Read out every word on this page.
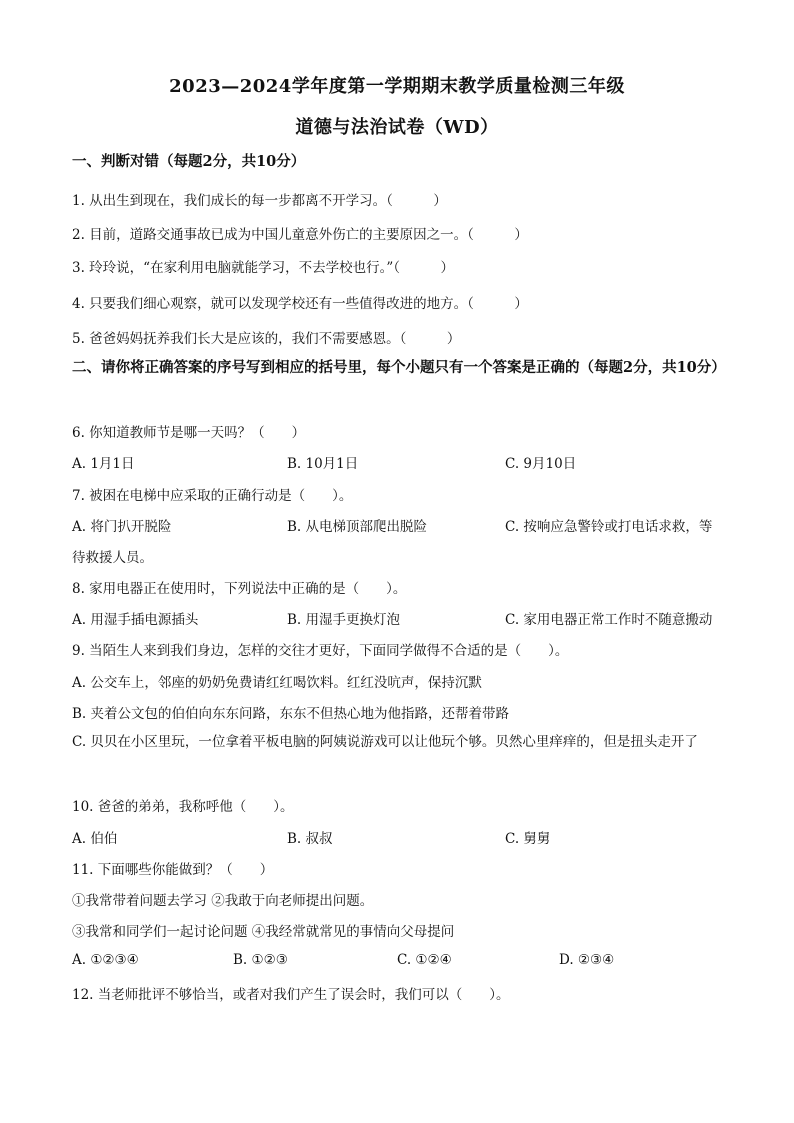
2023—2024学年度第一学期期末教学质量检测三年级
道德与法治试卷（WD）
一、判断对错（每题2分，共10分）
1. 从出生到现在，我们成长的每一步都离不开学习。（　　　）
2. 目前，道路交通事故已成为中国儿童意外伤亡的主要原因之一。（　　　）
3. 玲玲说，“在家利用电脑就能学习，不去学校也行。”（　　　）
4. 只要我们细心观察，就可以发现学校还有一些值得改进的地方。（　　　）
5. 爸爸妈妈抚养我们长大是应该的，我们不需要感恩。（　　　）
二、请你将正确答案的序号写到相应的括号里，每个小题只有一个答案是正确的（每题2分，共10分）
6. 你知道教师节是哪一天吗？（　　）
A. 1月1日	B. 10月1日	C. 9月10日
7. 被困在电梯中应采取的正确行动是（　　）。
A. 将门扒开脱险	B. 从电梯顶部爬出脱险	C. 按响应急警铃或打电话求救，等
待救援人员。
8. 家用电器正在使用时，下列说法中正确的是（　　）。
A. 用湿手插电源插头	B. 用湿手更换灯泡	C. 家用电器正常工作时不随意搬动
9. 当陌生人来到我们身边，怎样的交往才更好，下面同学做得不合适的是（　　）。
A. 公交车上，邻座的奶奶免费请红红喝饮料。红红没吭声，保持沉默
B. 夹着公文包的伯伯向东东问路，东东不但热心地为他指路，还帮着带路
C. 贝贝在小区里玩，一位拿着平板电脑的阿姨说游戏可以让他玩个够。贝然心里痒痒的，但是扭头走开了
10. 爸爸的弟弟，我称呼他（　　）。
A. 伯伯	B. 叔叔	C. 舅舅
11. 下面哪些你能做到？（　　）
①我常带着问题去学习 ②我敢于向老师提出问题。
③我常和同学们一起讨论问题 ④我经常就常见的事情向父母提问
A. ①②③④	B. ①②③	C. ①②④	D. ②③④
12. 当老师批评不够恰当，或者对我们产生了误会时，我们可以（　　）。
